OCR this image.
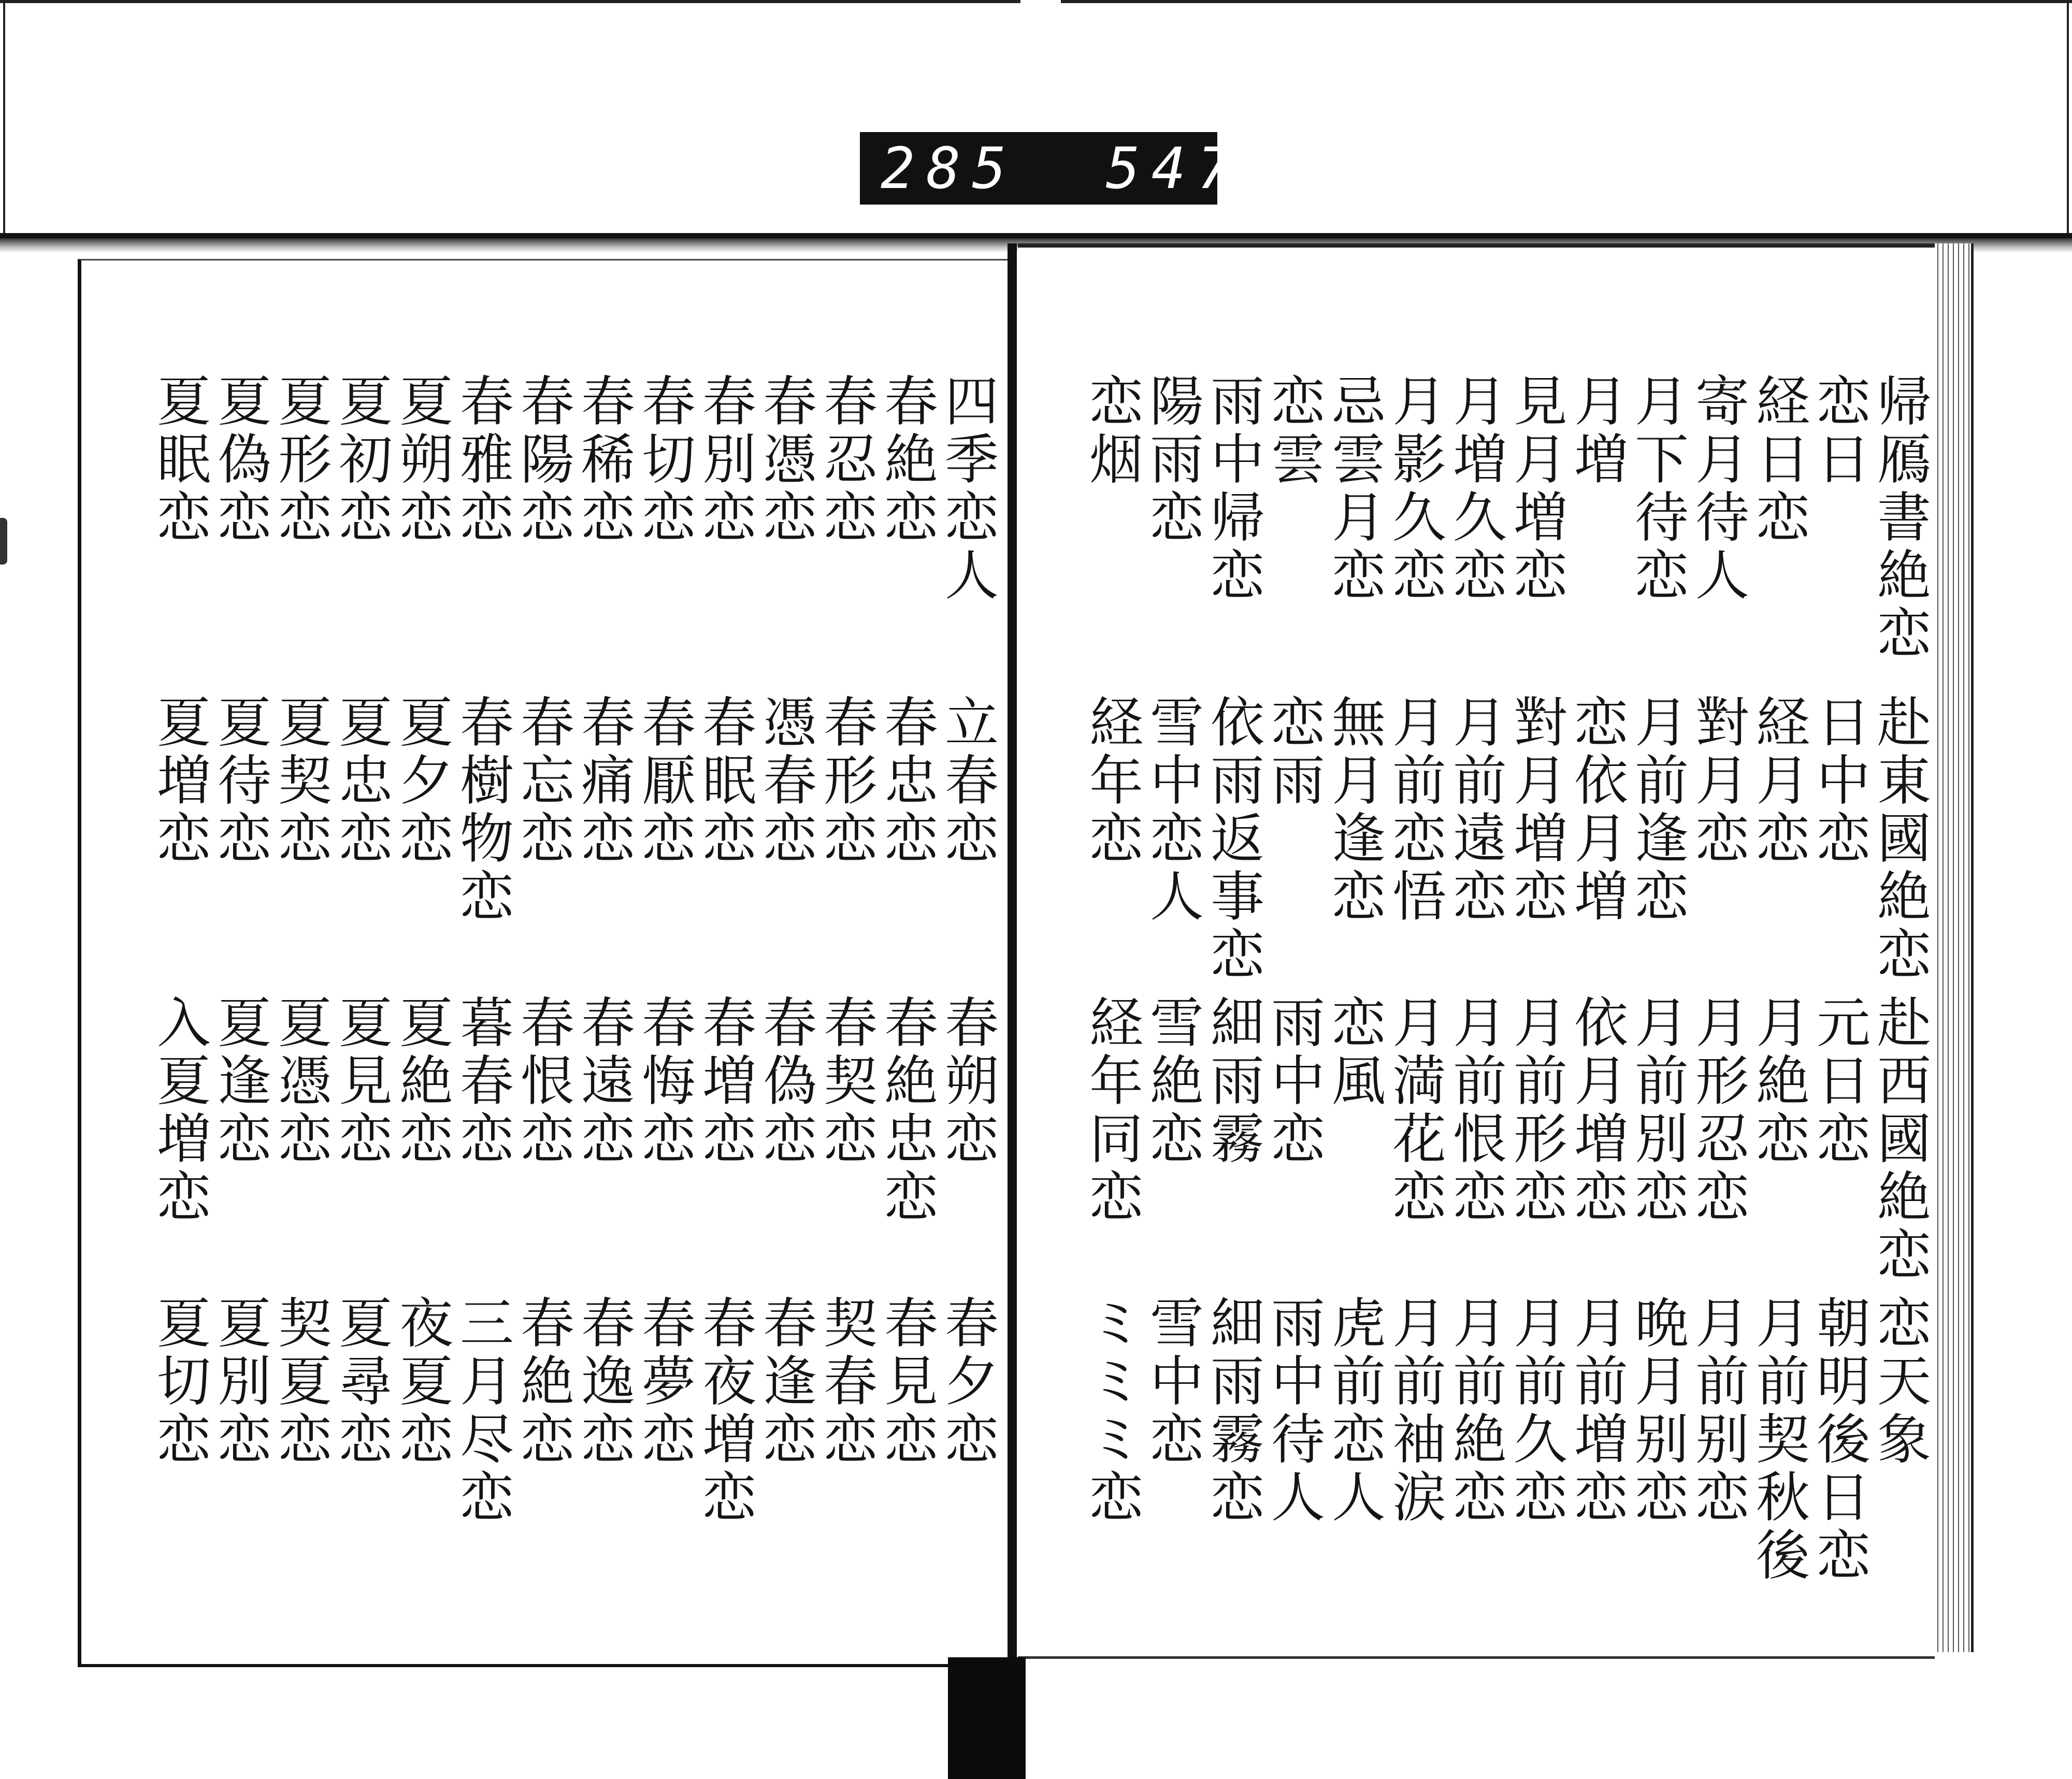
285 547
帰鴈書絶恋
恋日
経日恋
寄月待人
月下待恋
月増
見月増恋
月増久恋
月影久恋
忌雲月恋
恋雲
雨中帰恋
陽雨恋
恋烟
赴東國絶恋
日中恋
経月恋
對月恋
月前逢恋
恋依月増
對月増恋
月前遠恋
月前恋悟
無月逢恋
恋雨
依雨返事恋
雪中恋人
経年恋
赴西國絶恋
元日恋
月絶恋
月形忍恋
月前別恋
依月増恋
月前形恋
月前恨恋
月満花恋
恋風
雨中恋
細雨霧
雪絶恋
経年同恋
恋天象
朝明後日恋
月前契秋後
月前别恋
晩月别恋
月前増恋
月前久恋
月前絶恋
月前袖涙
虎前恋人
雨中待人
細雨霧恋
雪中恋
ミミミ恋
四季恋人
春絶恋
春忍恋
春憑恋
春別恋
春切恋
春稀恋
春陽恋
春雅恋
夏朔恋
夏初恋
夏形恋
夏偽恋
夏眠恋
立春恋
春忠恋
春形恋
憑春恋
春眠恋
春厭恋
春痛恋
春忘恋
春樹物恋
夏夕恋
夏忠恋
夏契恋
夏待恋
夏増恋
春朔恋
春絶忠恋
春契恋
春偽恋
春増恋
春悔恋
春遠恋
春恨恋
暮春恋
夏絶恋
夏見恋
夏憑恋
夏逢恋
入夏増恋
春夕恋
春見恋
契春恋
春逢恋
春夜増恋
春夢恋
春逸恋
春絶恋
三月尽恋
夜夏恋
夏尋恋
契夏恋
夏別恋
夏切恋
